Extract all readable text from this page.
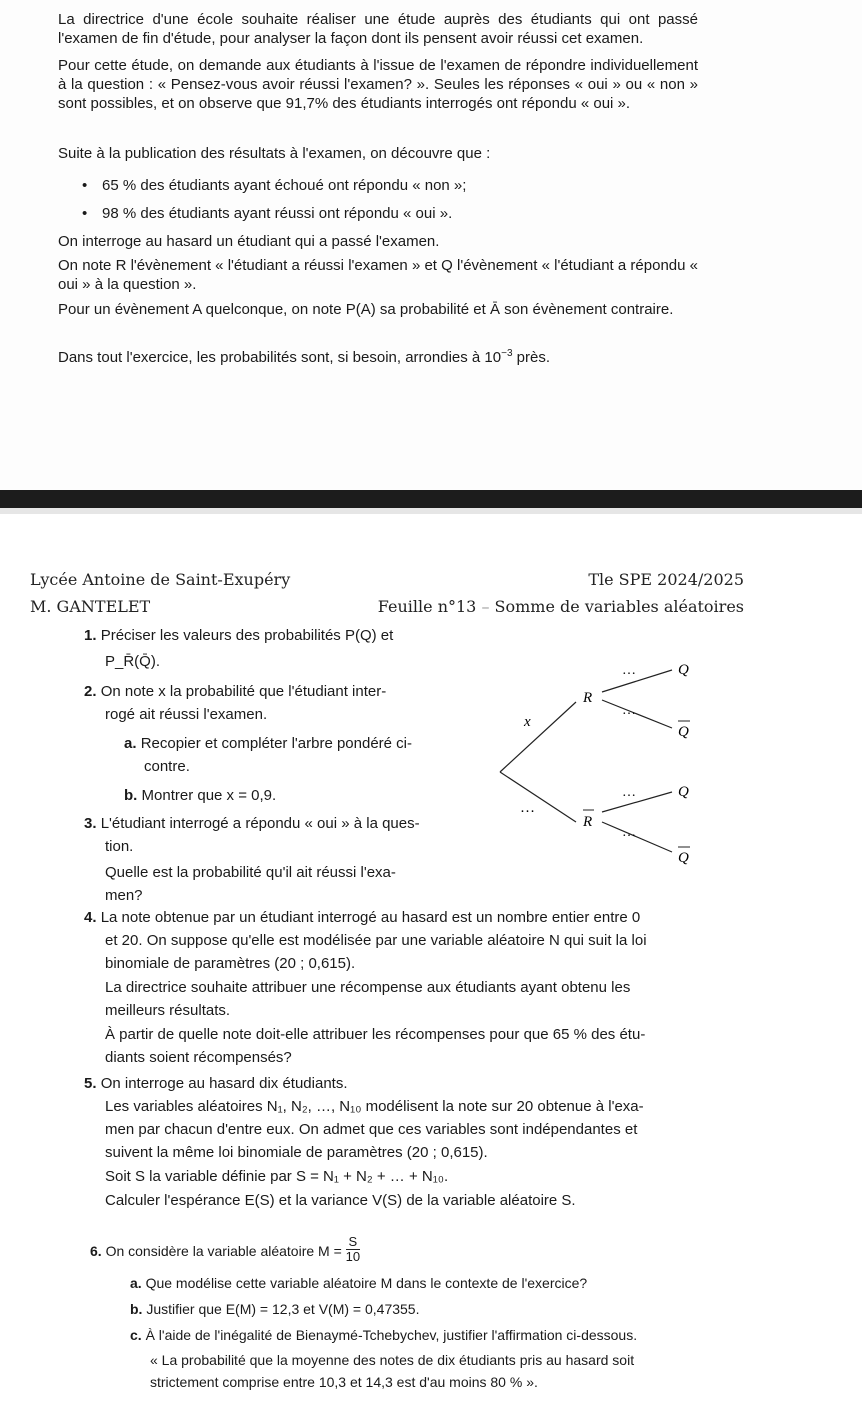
La directrice d'une école souhaite réaliser une étude auprès des étudiants qui ont passé l'examen de fin d'étude, pour analyser la façon dont ils pensent avoir réussi cet examen.
Pour cette étude, on demande aux étudiants à l'issue de l'examen de répondre individuellement à la question : « Pensez-vous avoir réussi l'examen? ». Seules les réponses « oui » ou « non » sont possibles, et on observe que 91,7% des étudiants interrogés ont répondu « oui ».
Suite à la publication des résultats à l'examen, on découvre que :
• 65 % des étudiants ayant échoué ont répondu « non »;
• 98 % des étudiants ayant réussi ont répondu « oui ».
On interroge au hasard un étudiant qui a passé l'examen.
On note R l'évènement « l'étudiant a réussi l'examen » et Q l'évènement « l'étudiant a répondu « oui » à la question ».
Pour un évènement A quelconque, on note P(A) sa probabilité et Ā son évènement contraire.
Dans tout l'exercice, les probabilités sont, si besoin, arrondies à $10^{-3}$ près.
Lycée Antoine de Saint-Exupéry	Tle SPE 2024/2025
M. GANTELET	Feuille n°13 – Somme de variables aléatoires
1. Préciser les valeurs des probabilités P(Q) et
P_R̄(Q̄).
2. On note x la probabilité que l'étudiant inter-
rogé ait réussi l'examen.
a. Recopier et compléter l'arbre pondéré ci-
contre.
b. Montrer que x = 0,9.
3. L'étudiant interrogé a répondu « oui » à la ques-
tion.
Quelle est la probabilité qu'il ait réussi l'exa-
men?
x
…
R
R
Q
Q
Q
Q
…
…
…
…
4. La note obtenue par un étudiant interrogé au hasard est un nombre entier entre 0
et 20. On suppose qu'elle est modélisée par une variable aléatoire N qui suit la loi
binomiale de paramètres (20 ; 0,615).
La directrice souhaite attribuer une récompense aux étudiants ayant obtenu les
meilleurs résultats.
À partir de quelle note doit-elle attribuer les récompenses pour que 65 % des étu-
diants soient récompensés?
5. On interroge au hasard dix étudiants.
Les variables aléatoires N₁, N₂, …, N₁₀ modélisent la note sur 20 obtenue à l'exa-
men par chacun d'entre eux. On admet que ces variables sont indépendantes et
suivent la même loi binomiale de paramètres (20 ; 0,615).
Soit S la variable définie par S = N₁ + N₂ + … + N₁₀.
Calculer l'espérance E(S) et la variance V(S) de la variable aléatoire S.
6. On considère la variable aléatoire $M = \frac{S}{10}$
a. Que modélise cette variable aléatoire M dans le contexte de l'exercice?
b. Justifier que E(M) = 12,3 et V(M) = 0,47355.
c. À l'aide de l'inégalité de Bienaymé-Tchebychev, justifier l'affirmation ci-dessous.
« La probabilité que la moyenne des notes de dix étudiants pris au hasard soit
strictement comprise entre 10,3 et 14,3 est d'au moins 80 % ».
